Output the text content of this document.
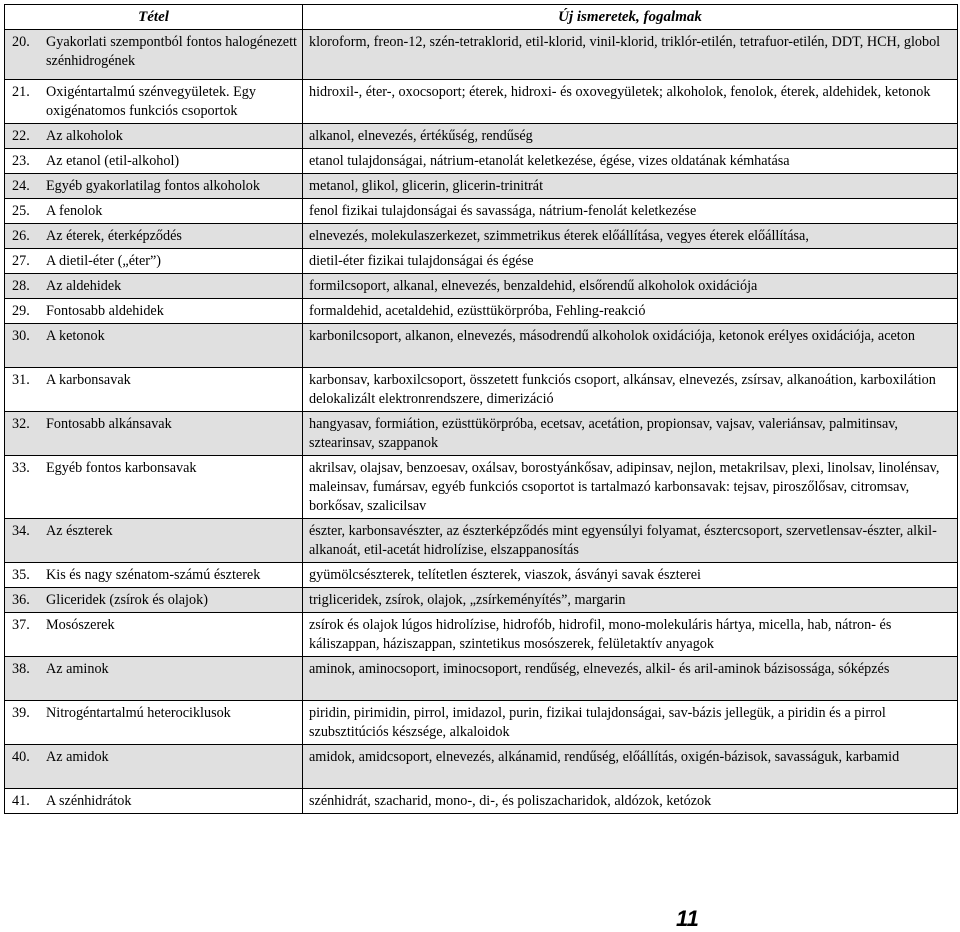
Tétel	Új ismeretek, fogalmak

20. Gyakorlati szempontból fontos halogénezett szénhidrogének	kloroform, freon-12, szén-tetraklorid, etil-klorid, vinil-klorid, triklór-etilén, tetrafuor-etilén, DDT, HCH, globol

21. Oxigéntartalmú szénvegyületek. Egy oxigénatomos funkciós csoportok	hidroxil-, éter-, oxocsoport; éterek, hidroxi- és oxovegyületek; alkoholok, fenolok, éterek, aldehidek, ketonok

22. Az alkoholok	alkanol, elnevezés, értékűség, rendűség

23. Az etanol (etil-alkohol)	etanol tulajdonságai, nátrium-etanolát keletkezése, égése, vizes oldatának kémhatása

24. Egyéb gyakorlatilag fontos alkoholok	metanol, glikol, glicerin, glicerin-trinitrát

25. A fenolok	fenol fizikai tulajdonságai és savassága, nátrium-fenolát keletkezése

26. Az éterek, éterképződés	elnevezés, molekulaszerkezet, szimmetrikus éterek előállítása, vegyes éterek előállítása,

27. A dietil-éter („éter”)	dietil-éter fizikai tulajdonságai és égése

28. Az aldehidek	formilcsoport, alkanal, elnevezés, benzaldehid, elsőrendű alkoholok oxidációja

29. Fontosabb aldehidek	formaldehid, acetaldehid, ezüsttükörpróba, Fehling-reakció

30. A ketonok	karbonilcsoport, alkanon, elnevezés, másodrendű alkoholok oxidációja, ketonok erélyes oxidációja, aceton

31. A karbonsavak	karbonsav, karboxilcsoport, összetett funkciós csoport, alkánsav, elnevezés, zsírsav, alkanoátion, karboxilátion delokalizált elektronrendszere, dimerizáció

32. Fontosabb alkánsavak	hangyasav, formiátion, ezüsttükörpróba, ecetsav, acetátion, propionsav, vajsav, valeriánsav, palmitinsav, sztearinsav, szappanok

33. Egyéb fontos karbonsavak	akrilsav, olajsav, benzoesav, oxálsav, borostyánkősav, adipinsav, nejlon, metakrilsav, plexi, linolsav, linolénsav, maleinsav, fumársav, egyéb funkciós csoportot is tartalmazó karbonsavak: tejsav, piroszőlősav, citromsav, borkősav, szalicilsav

34. Az észterek	észter, karbonsavészter, az észterképződés mint egyensúlyi folyamat, észtercsoport, szervetlensav-észter, alkil-alkanoát, etil-acetát hidrolízise, elszappanosítás

35. Kis és nagy szénatom-számú észterek	gyümölcsészterek, telítetlen észterek, viaszok, ásványi savak észterei

36. Gliceridek (zsírok és olajok)	trigliceridek, zsírok, olajok, „zsírkeményítés”, margarin

37. Mosószerek	zsírok és olajok lúgos hidrolízise, hidrofób, hidrofil, mono-molekuláris hártya, micella, hab, nátron- és káliszappan, háziszappan, szintetikus mosószerek, felületaktív anyagok

38. Az aminok	aminok, aminocsoport, iminocsoport, rendűség, elnevezés, alkil- és aril-aminok bázisossága, sóképzés

39. Nitrogéntartalmú heterociklusok	piridin, pirimidin, pirrol, imidazol, purin, fizikai tulajdonságai, sav-bázis jellegük, a piridin és a pirrol szubsztitúciós készsége, alkaloidok

40. Az amidok	amidok, amidcsoport, elnevezés, alkánamid, rendűség, előállítás, oxigén-bázisok, savasságuk, karbamid

41. A szénhidrátok	szénhidrát, szacharid, mono-, di-, és poliszacharidok, aldózok, ketózok
11
